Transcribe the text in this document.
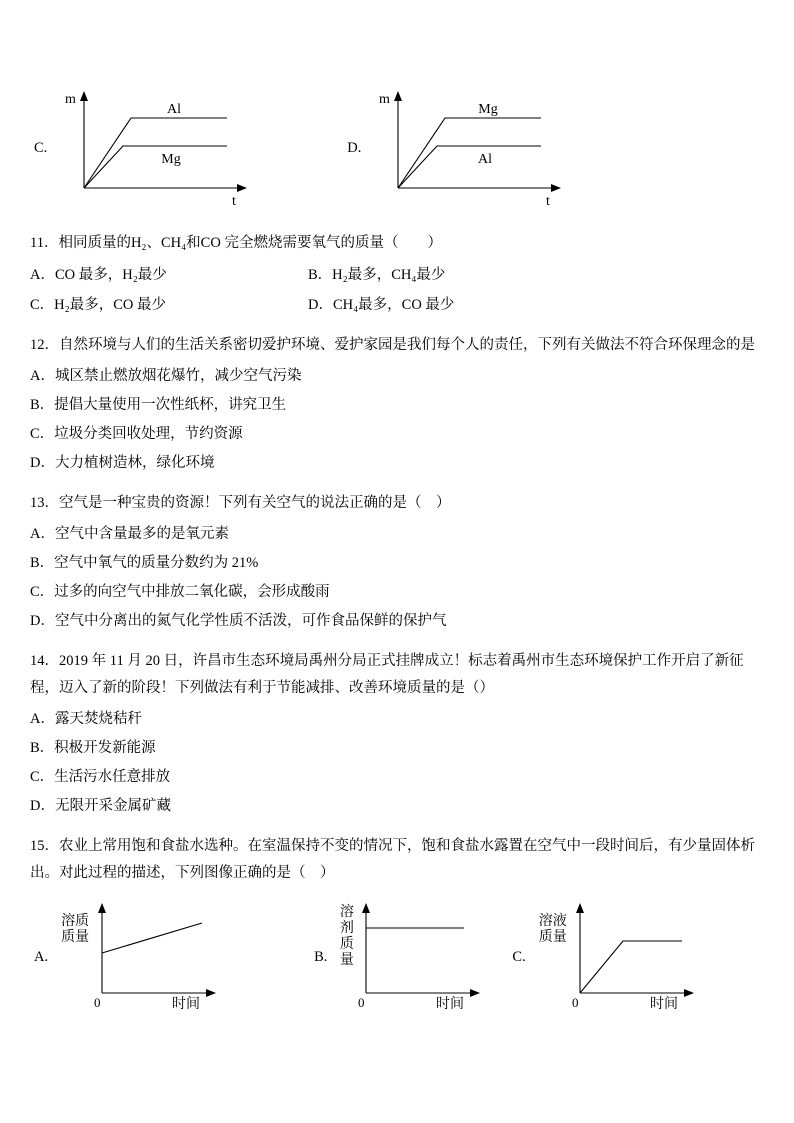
C.
m
t
Al
Mg
D.
m
t
Mg
Al

11．相同质量的H₂、CH₄和CO 完全燃烧需要氧气的质量（　　）

A．CO 最多，H₂最少	B．H₂最多，CH₄最少
C．H₂最多，CO 最少	D．CH₄最多，CO 最少

12．自然环境与人们的生活关系密切爱护环境、爱护家园是我们每个人的责任，下列有关做法不符合环保理念的是

A．城区禁止燃放烟花爆竹，减少空气污染
B．提倡大量使用一次性纸杯，讲究卫生
C．垃圾分类回收处理，节约资源
D．大力植树造林，绿化环境

13．空气是一种宝贵的资源！下列有关空气的说法正确的是（　）

A．空气中含量最多的是氧元素
B．空气中氧气的质量分数约为 21%
C．过多的向空气中排放二氧化碳，会形成酸雨
D．空气中分离出的氮气化学性质不活泼，可作食品保鲜的保护气

14．2019 年 11 月 20 日，许昌市生态环境局禹州分局正式挂牌成立！标志着禹州市生态环境保护工作开启了新征程，迈入了新的阶段！下列做法有利于节能减排、改善环境质量的是（）

A．露天焚烧秸秆
B．积极开发新能源
C．生活污水任意排放
D．无限开采金属矿藏

15．农业上常用饱和食盐水选种。在室温保持不变的情况下，饱和食盐水露置在空气中一段时间后，有少量固体析出。对此过程的描述，下列图像正确的是（　）

A.
溶质质量
0	时间
B.
溶剂质量
0	时间
C.
溶液质量
0	时间
